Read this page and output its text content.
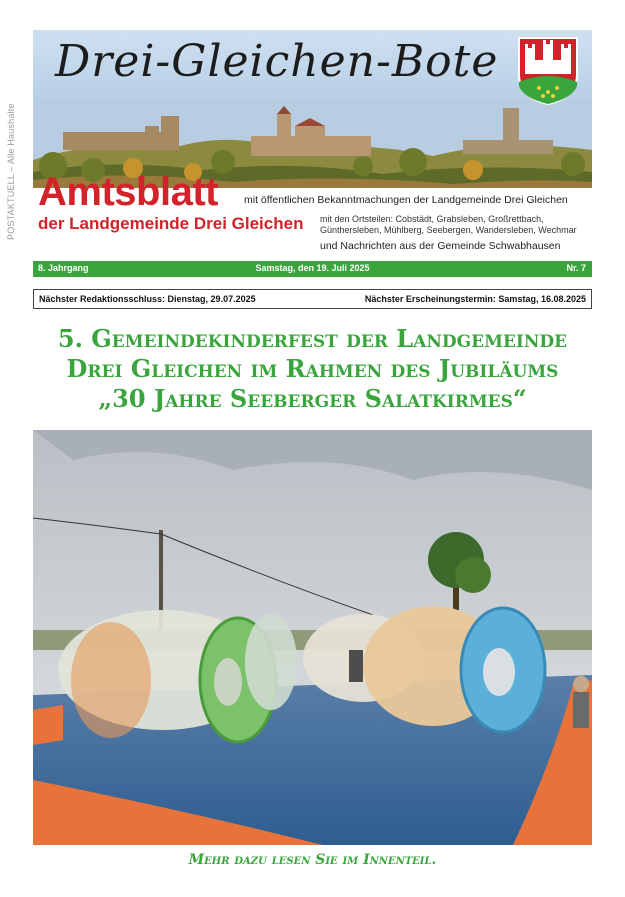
POSTAKTUELL – Alle Haushalte
Drei-Gleichen-Bote
Amtsblatt mit öffentlichen Bekanntmachungen der Landgemeinde Drei Gleichen
der Landgemeinde Drei Gleichen mit den Ortsteilen: Cobstädt, Grabsleben, Großrettbach, Günthersleben, Mühlberg, Seebergen, Wandersleben, Wechmar
und Nachrichten aus der Gemeinde Schwabhausen
8. Jahrgang	Samstag, den 19. Juli 2025	Nr. 7
Nächster Redaktionsschluss: Dienstag, 29.07.2025	Nächster Erscheinungstermin: Samstag, 16.08.2025
5. Gemeindekinderfest der Landgemeinde
Drei Gleichen im Rahmen des Jubiläums
„30 Jahre Seeberger Salatkirmes“
Mehr dazu lesen Sie im Innenteil.
